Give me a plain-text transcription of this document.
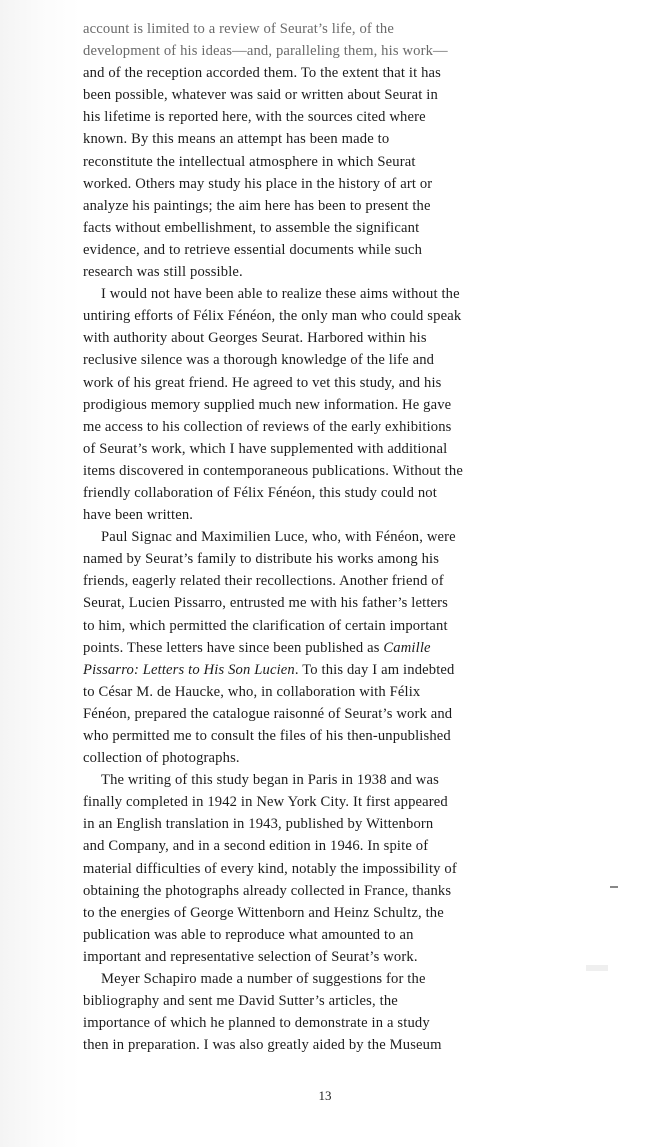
account is limited to a review of Seurat’s life, of the
development of his ideas—and, paralleling them, his work—
and of the reception accorded them. To the extent that it has
been possible, whatever was said or written about Seurat in
his lifetime is reported here, with the sources cited where
known. By this means an attempt has been made to
reconstitute the intellectual atmosphere in which Seurat
worked. Others may study his place in the history of art or
analyze his paintings; the aim here has been to present the
facts without embellishment, to assemble the significant
evidence, and to retrieve essential documents while such
research was still possible.
I would not have been able to realize these aims without the
untiring efforts of Félix Fénéon, the only man who could speak
with authority about Georges Seurat. Harbored within his
reclusive silence was a thorough knowledge of the life and
work of his great friend. He agreed to vet this study, and his
prodigious memory supplied much new information. He gave
me access to his collection of reviews of the early exhibitions
of Seurat’s work, which I have supplemented with additional
items discovered in contemporaneous publications. Without the
friendly collaboration of Félix Fénéon, this study could not
have been written.
Paul Signac and Maximilien Luce, who, with Fénéon, were
named by Seurat’s family to distribute his works among his
friends, eagerly related their recollections. Another friend of
Seurat, Lucien Pissarro, entrusted me with his father’s letters
to him, which permitted the clarification of certain important
points. These letters have since been published as Camille
Pissarro: Letters to His Son Lucien. To this day I am indebted
to César M. de Haucke, who, in collaboration with Félix
Fénéon, prepared the catalogue raisonné of Seurat’s work and
who permitted me to consult the files of his then-unpublished
collection of photographs.
The writing of this study began in Paris in 1938 and was
finally completed in 1942 in New York City. It first appeared
in an English translation in 1943, published by Wittenborn
and Company, and in a second edition in 1946. In spite of
material difficulties of every kind, notably the impossibility of
obtaining the photographs already collected in France, thanks
to the energies of George Wittenborn and Heinz Schultz, the
publication was able to reproduce what amounted to an
important and representative selection of Seurat’s work.
Meyer Schapiro made a number of suggestions for the
bibliography and sent me David Sutter’s articles, the
importance of which he planned to demonstrate in a study
then in preparation. I was also greatly aided by the Museum
13
